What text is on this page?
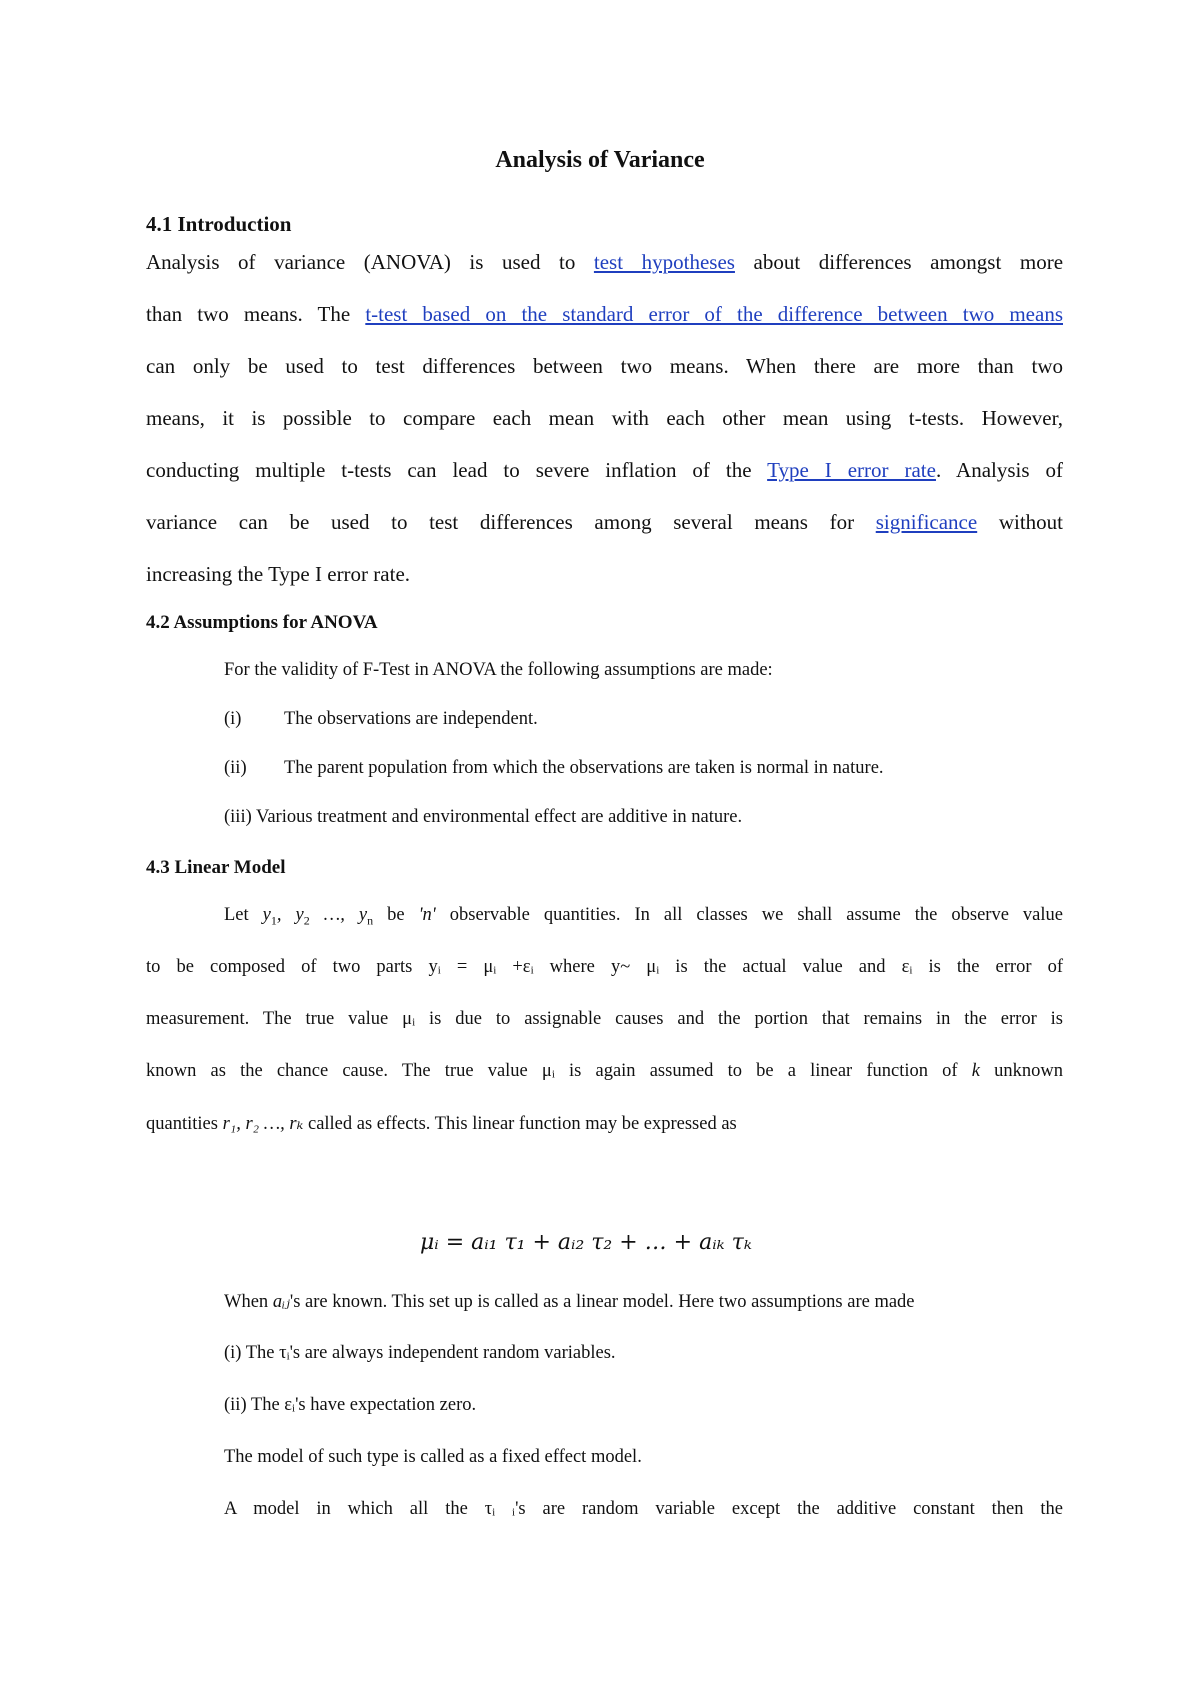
Analysis of Variance
4.1 Introduction
Analysis of variance (ANOVA) is used to test hypotheses about differences amongst more
than two means. The t-test based on the standard error of the difference between two means
can only be used to test differences between two means. When there are more than two
means, it is possible to compare each mean with each other mean using t-tests. However,
conducting multiple t-tests can lead to severe inflation of the Type I error rate. Analysis of
variance can be used to test differences among several means for significance without
increasing the Type I error rate.
4.2 Assumptions for ANOVA
For the validity of F-Test in ANOVA the following assumptions are made:
(i) The observations are independent.
(ii) The parent population from which the observations are taken is normal in nature.
(iii) Various treatment and environmental effect are additive in nature.
4.3 Linear Model
Let $y_1$, $y_2$ …, $y_n$ be 'n' observable quantities. In all classes we shall assume the observe value
to be composed of two parts yᵢ = μᵢ +εᵢ where y~ μᵢ is the actual value and εᵢ is the error of
measurement. The true value μᵢ is due to assignable causes and the portion that remains in the error is
known as the chance cause. The true value μᵢ is again assumed to be a linear function of k unknown
quantities r₁, r₂ …, rₖ called as effects. This linear function may be expressed as
μᵢ = aᵢ₁ τ₁ + aᵢ₂ τ₂ + … + aᵢₖ τₖ
When aᵢⱼ's are known. This set up is called as a linear model. Here two assumptions are made
(i) The τᵢ's are always independent random variables.
(ii) The εᵢ's have expectation zero.
The model of such type is called as a fixed effect model.
A model in which all the τᵢ ᵢ's are random variable except the additive constant then the
